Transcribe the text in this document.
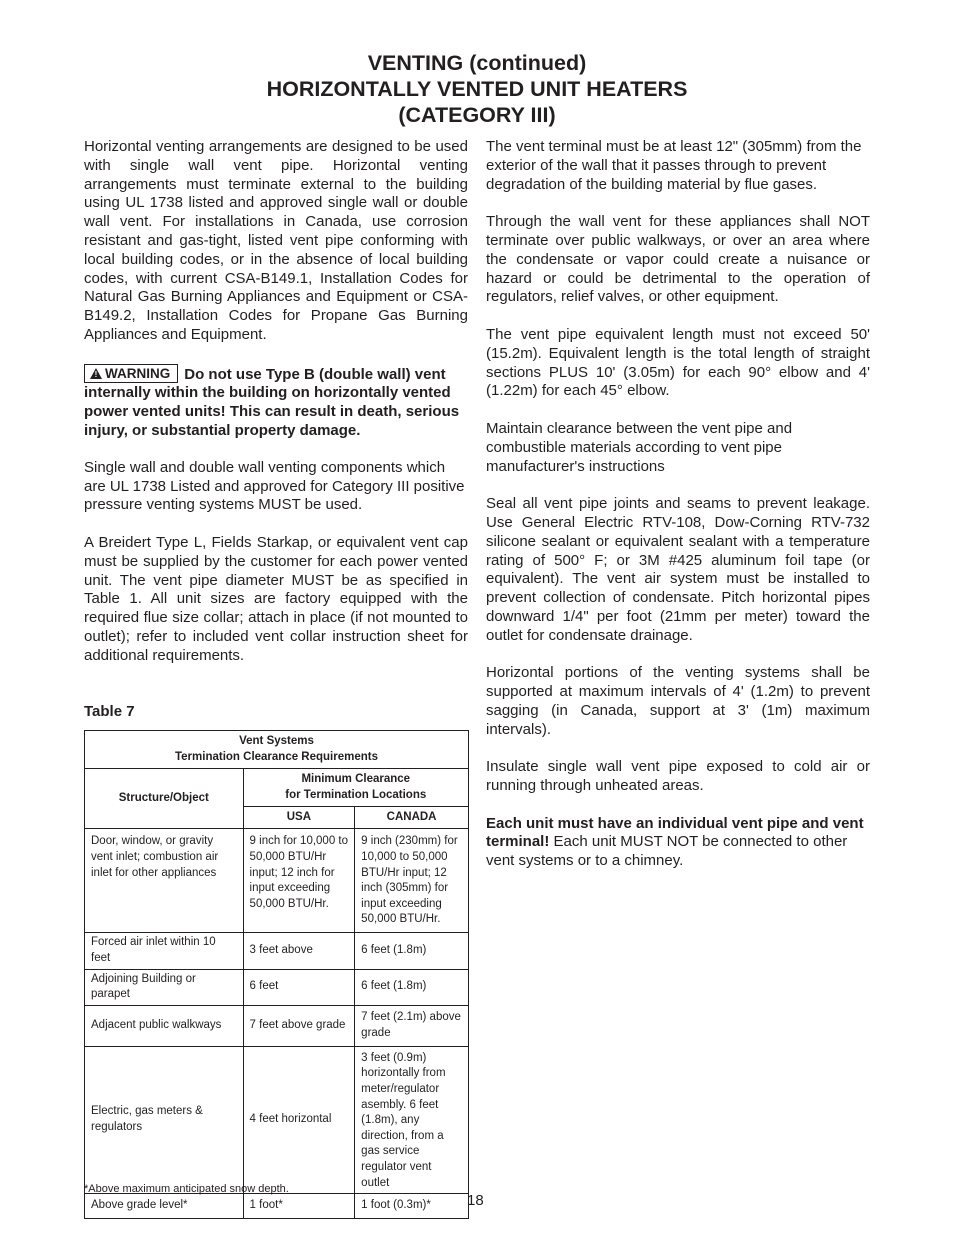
VENTING (continued)
HORIZONTALLY VENTED UNIT HEATERS
(CATEGORY III)

Horizontal venting arrangements are designed to be used with single wall vent pipe. Horizontal venting arrangements must terminate external to the building using UL 1738 listed and approved single wall or double wall vent. For installations in Canada, use corrosion resistant and gas-tight, listed vent pipe conforming with local building codes, or in the absence of local building codes, with current CSA-B149.1, Installation Codes for Natural Gas Burning Appliances and Equipment or CSA-B149.2, Installation Codes for Propane Gas Burning Appliances and Equipment.

! WARNING Do not use Type B (double wall) vent internally within the building on horizontally vented power vented units! This can result in death, serious injury, or substantial property damage.

Single wall and double wall venting components which are UL 1738 Listed and approved for Category III positive pressure venting systems MUST be used.

A Breidert Type L, Fields Starkap, or equivalent vent cap must be supplied by the customer for each power vented unit. The vent pipe diameter MUST be as specified in Table 1. All unit sizes are factory equipped with the required flue size collar; attach in place (if not mounted to outlet); refer to included vent collar instruction sheet for additional requirements.

Table 7
Vent Systems
Termination Clearance Requirements		

Structure/Object	Minimum Clearance
for Termination Locations	

	USA	CANADA
Door, window, or gravity vent inlet; combustion air inlet for other appliances	9 inch for 10,000 to 50,000 BTU/Hr input; 12 inch for input exceeding 50,000 BTU/Hr.	9 inch (230mm) for 10,000 to 50,000 BTU/Hr input; 12 inch (305mm) for input exceeding 50,000 BTU/Hr.
Forced air inlet within 10 feet	3 feet above	6 feet (1.8m)
Adjoining Building or parapet	6 feet	6 feet (1.8m)
Adjacent public walkways	7 feet above grade	7 feet (2.1m) above grade
Electric, gas meters & regulators	4 feet horizontal	3 feet (0.9m) horizontally from meter/regulator asembly. 6 feet (1.8m), any direction, from a gas service regulator vent outlet
Above grade level*	1 foot*	1 foot (0.3m)*
*Above maximum anticipated snow depth.

The vent terminal must be at least 12" (305mm) from the exterior of the wall that it passes through to prevent degradation of the building material by flue gases.

Through the wall vent for these appliances shall NOT terminate over public walkways, or over an area where the condensate or vapor could create a nuisance or hazard or could be detrimental to the operation of regulators, relief valves, or other equipment.

The vent pipe equivalent length must not exceed 50' (15.2m). Equivalent length is the total length of straight sections PLUS 10' (3.05m) for each 90° elbow and 4' (1.22m) for each 45° elbow.

Maintain clearance between the vent pipe and combustible materials according to vent pipe manufacturer's instructions

Seal all vent pipe joints and seams to prevent leakage. Use General Electric RTV-108, Dow-Corning RTV-732 silicone sealant or equivalent sealant with a temperature rating of 500° F; or 3M #425 aluminum foil tape (or equivalent). The vent air system must be installed to prevent collection of condensate. Pitch horizontal pipes downward 1/4" per foot (21mm per meter) toward the outlet for condensate drainage.

Horizontal portions of the venting systems shall be supported at maximum intervals of 4' (1.2m) to prevent sagging (in Canada, support at 3' (1m) maximum intervals).

Insulate single wall vent pipe exposed to cold air or running through unheated areas.

Each unit must have an individual vent pipe and vent terminal! Each unit MUST NOT be connected to other vent systems or to a chimney.

18
